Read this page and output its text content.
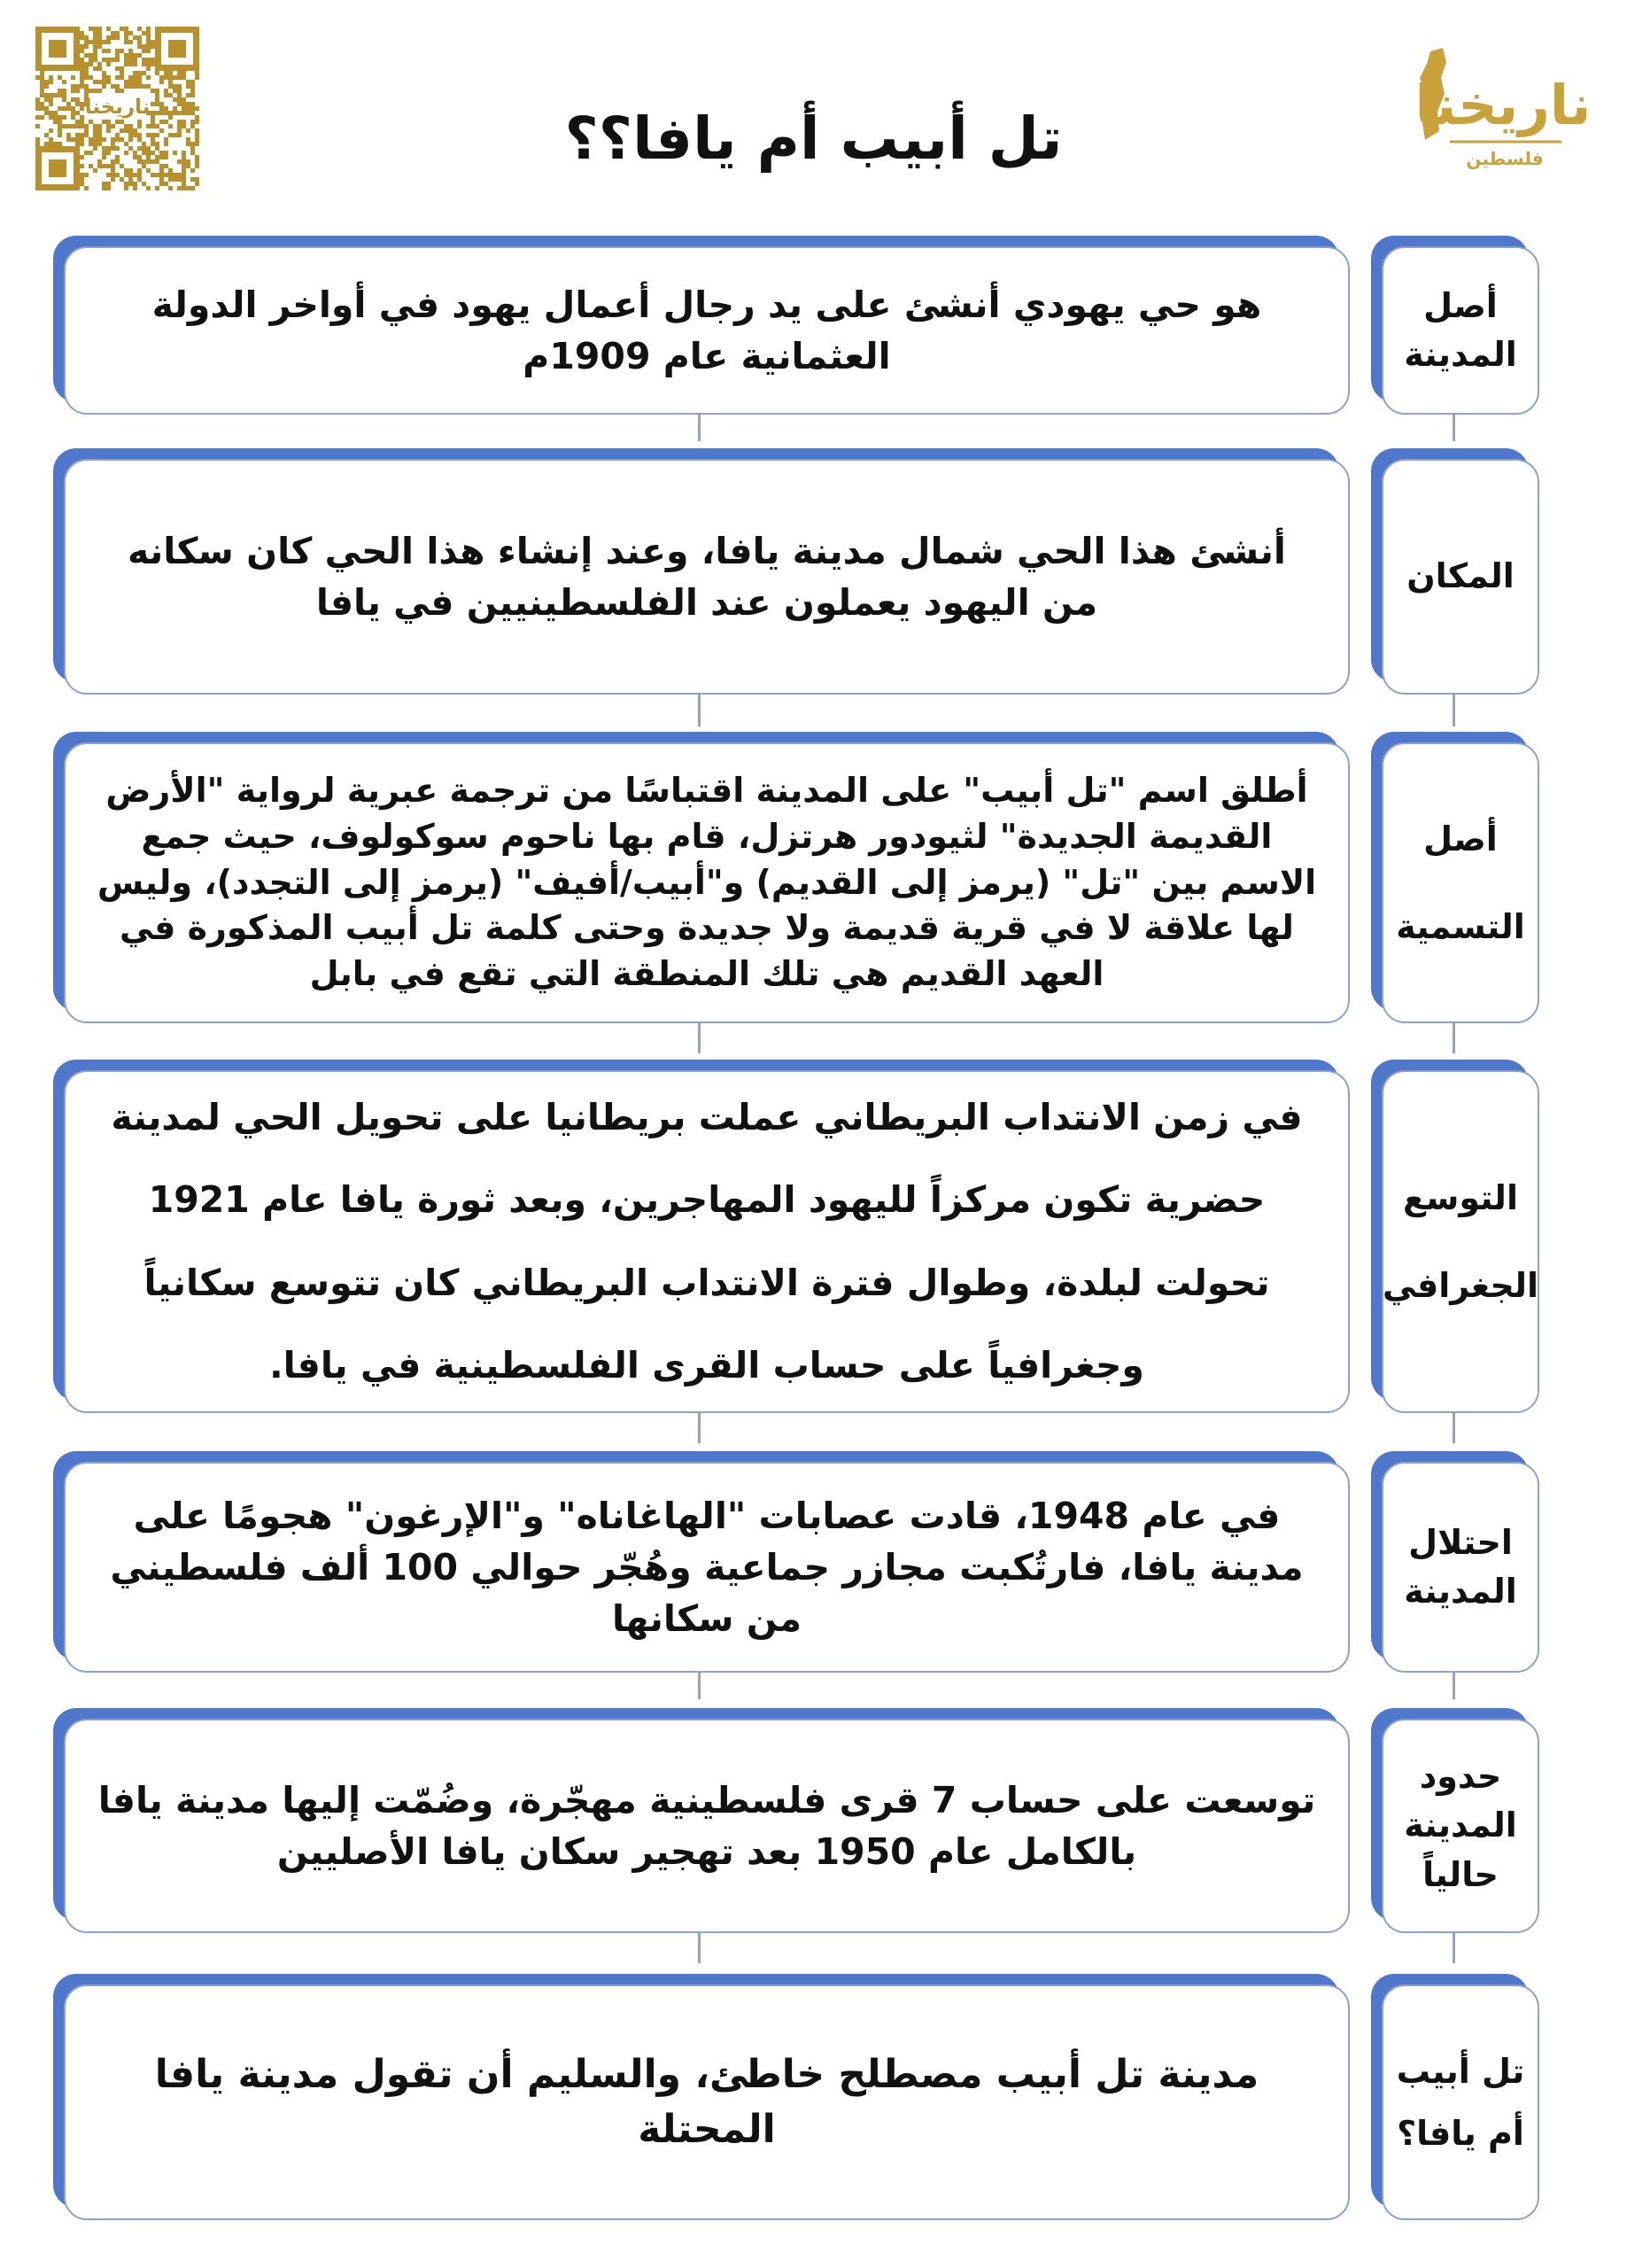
ناريخنا	ناريخنا
فلسطين
تل أبيب أم يافا؟؟
هو حي يهودي أنشئ على يد رجال أعمال يهود في أواخر الدولة العثمانية عام 1909م
أصل المدينة
أنشئ هذا الحي شمال مدينة يافا، وعند إنشاء هذا الحي كان سكانه من اليهود يعملون عند الفلسطينيين في يافا
المكان
أطلق اسم "تل أبيب" على المدينة اقتباسًا من ترجمة عبرية لرواية "الأرض القديمة الجديدة" لثيودور هرتزل، قام بها ناحوم سوكولوف، حيث جمع الاسم بين "تل" (يرمز إلى القديم) و"أبيب/أفيف" (يرمز إلى التجدد)، وليس لها علاقة لا في قرية قديمة ولا جديدة وحتى كلمة تل أبيب المذكورة في العهد القديم هي تلك المنطقة التي تقع في بابل
أصل التسمية
في زمن الانتداب البريطاني عملت بريطانيا على تحويل الحي لمدينة حضرية تكون مركزاً لليهود المهاجرين، وبعد ثورة يافا عام 1921 تحولت لبلدة، وطوال فترة الانتداب البريطاني كان تتوسع سكانياً وجغرافياً على حساب القرى الفلسطينية في يافا.
التوسع الجغرافي
في عام 1948، قادت عصابات "الهاغاناه" و"الإرغون" هجومًا على مدينة يافا، فارتُكبت مجازر جماعية وهُجّر حوالي 100 ألف فلسطيني من سكانها
احتلال المدينة
توسعت على حساب 7 قرى فلسطينية مهجّرة، وضُمّت إليها مدينة يافا بالكامل عام 1950 بعد تهجير سكان يافا الأصليين
حدود المدينة حالياً
مدينة تل أبيب مصطلح خاطئ، والسليم أن تقول مدينة يافا المحتلة
تل أبيب أم يافا؟
